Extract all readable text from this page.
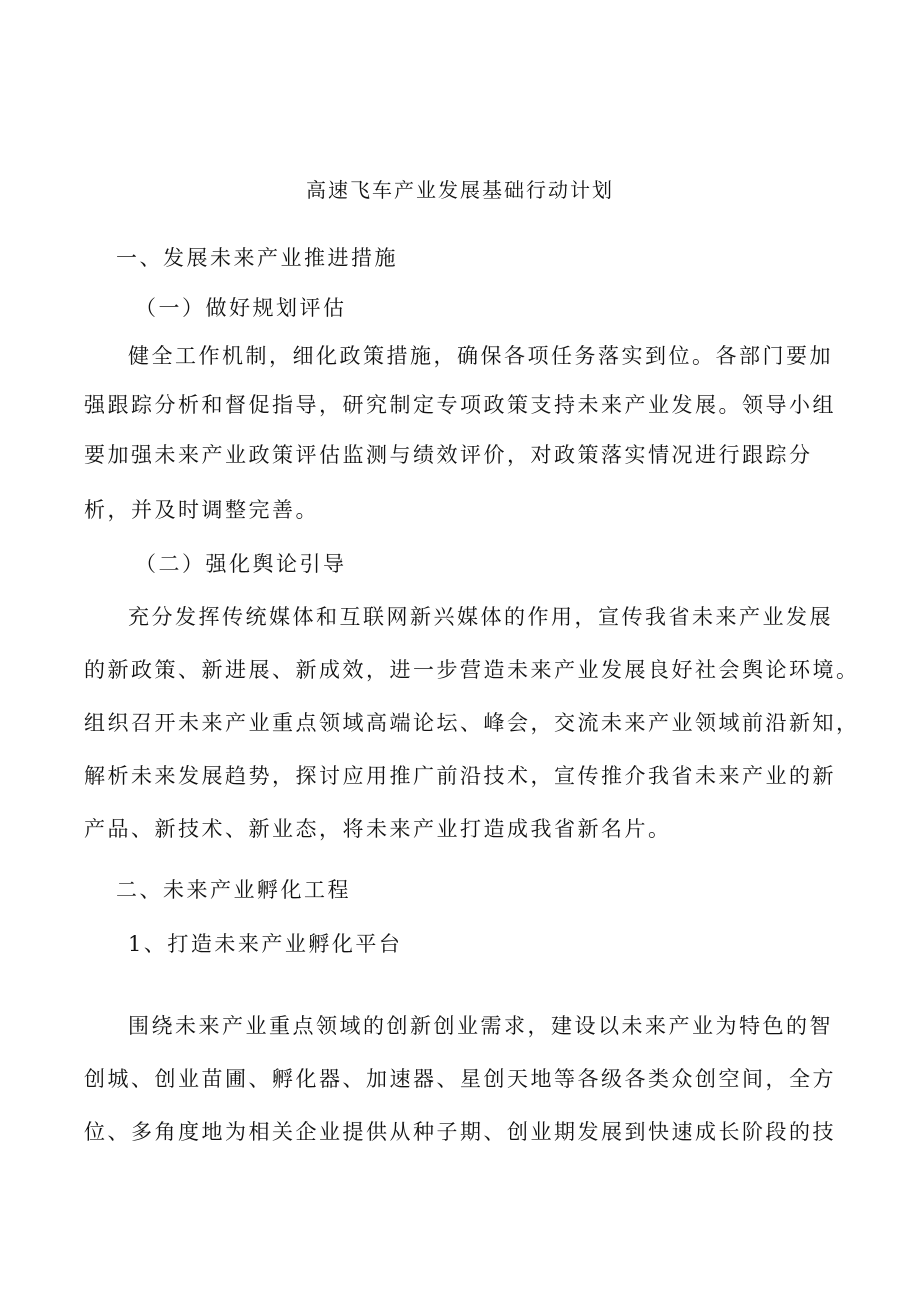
高速飞车产业发展基础行动计划
一、发展未来产业推进措施
（一）做好规划评估
健全工作机制，细化政策措施，确保各项任务落实到位。各部门要加
强跟踪分析和督促指导，研究制定专项政策支持未来产业发展。领导小组
要加强未来产业政策评估监测与绩效评价，对政策落实情况进行跟踪分
析，并及时调整完善。
（二）强化舆论引导
充分发挥传统媒体和互联网新兴媒体的作用，宣传我省未来产业发展
的新政策、新进展、新成效，进一步营造未来产业发展良好社会舆论环境。
组织召开未来产业重点领域高端论坛、峰会，交流未来产业领域前沿新知，
解析未来发展趋势，探讨应用推广前沿技术，宣传推介我省未来产业的新
产品、新技术、新业态，将未来产业打造成我省新名片。
二、未来产业孵化工程
1、打造未来产业孵化平台
围绕未来产业重点领域的创新创业需求，建设以未来产业为特色的智
创城、创业苗圃、孵化器、加速器、星创天地等各级各类众创空间，全方
位、多角度地为相关企业提供从种子期、创业期发展到快速成长阶段的技
